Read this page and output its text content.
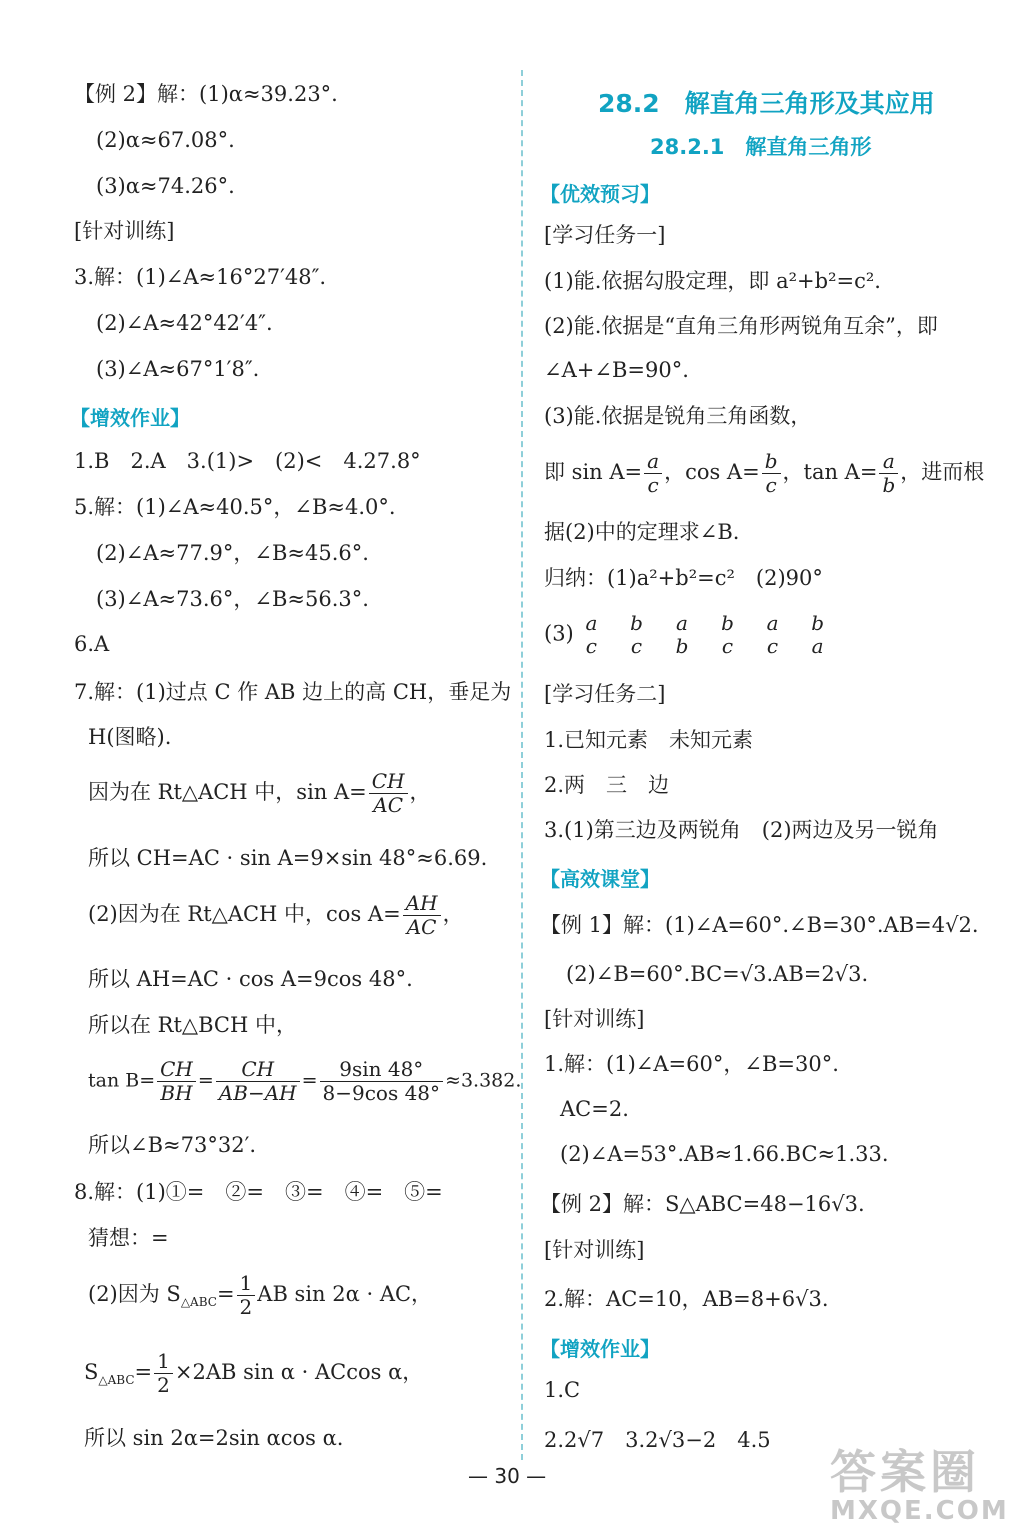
【例 2】解：(1)α≈39.23°.
(2)α≈67.08°.
(3)α≈74.26°.
[针对训练]
3.解：(1)∠A≈16°27′48″.
(2)∠A≈42°42′4″.
(3)∠A≈67°1′8″.
【增效作业】
1.B　2.A　3.(1)>　(2)<　4.27.8°
5.解：(1)∠A≈40.5°，∠B≈4.0°.
(2)∠A≈77.9°，∠B≈45.6°.
(3)∠A≈73.6°，∠B≈56.3°.
6.A
7.解：(1)过点 C 作 AB 边上的高 CH，垂足为
H(图略).
因为在 Rt△ACH 中，$\sin A= \frac{CH}{AC}$ ，
所以 CH=AC · sin A=9×sin 48°≈6.69.
(2)因为在 Rt△ACH 中，$\cos A= \frac{AH}{AC}$ ，
所以 AH=AC · cos A=9cos 48°.
所以在 Rt△BCH 中，
$\tan B= \frac{CH}{BH} = \frac{CH}{AB-AH} = \frac{9\sin 48^\circ}{8-9\cos 48^\circ} \approx 3.382$.
所以∠B≈73°32′.
8.解：(1)①=　②=　③=　④=　⑤=
猜想：=
(2)因为 $S_{\triangle ABC}= \frac{1}{2}$ AB sin 2α · AC，
$S_{\triangle ABC}= \frac{1}{2} \times 2AB$ sin α · ACcos α，
所以 sin 2α=2sin αcos α.
28.2　解直角三角形及其应用
28.2.1　解直角三角形
【优效预习】
[学习任务一]
(1)能.依据勾股定理，即 a²+b²=c².
(2)能.依据是“直角三角形两锐角互余”，即
∠A+∠B=90°.
(3)能.依据是锐角三角函数，
即 $\sin A= \frac{a}{c}$ ，$\cos A= \frac{b}{c}$ ，$\tan A= \frac{a}{b}$ ，进而根
据(2)中的定理求∠B.
归纳：(1)a²+b²=c²　(2)90°
(3) a
c

b
c

a
b

b
c

a
c

b
a
[学习任务二]
1.已知元素　未知元素
2.两　三　边
3.(1)第三边及两锐角　(2)两边及另一锐角
【高效课堂】
【例 1】解：(1)∠A=60°.∠B=30°.AB=4√2.
(2)∠B=60°.BC=√3.AB=2√3.
[针对训练]
1.解：(1)∠A=60°，∠B=30°.
AC=2.
(2)∠A=53°.AB≈1.66.BC≈1.33.
【例 2】解：S△ABC=48−16√3.
[针对训练]
2.解：AC=10，AB=8+6√3.
【增效作业】
1.C
2.2√7　3.2√3−2　4.5
— 30 —	答案圈
MXQE.COM
